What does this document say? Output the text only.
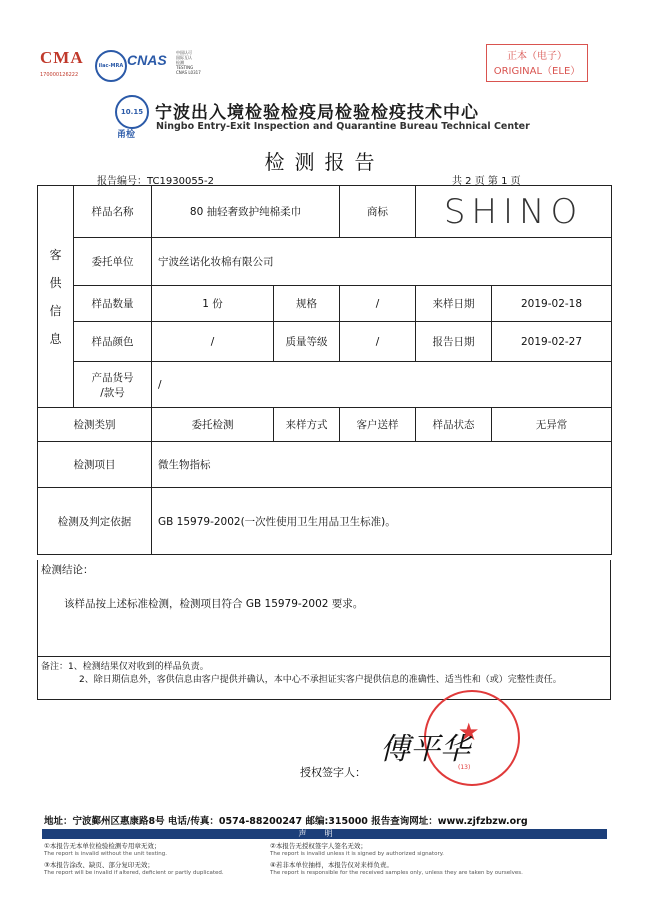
CMA
170000126222
ilac-MRA CNAS 中国认可
国际互认
检测
TESTING
CNAS L0317
正本（电子）
ORIGINAL（ELE）
10.15
甬检
宁波出入境检验检疫局检验检疫技术中心
Ningbo Entry-Exit Inspection and Quarantine Bureau Technical Center
检测报告
报告编号：TC1930055-2	共 2 页 第 1 页
客
供
信
息	样品名称	80 抽轻奢致护纯棉柔巾		商标	SHINO	
	委托单位	宁波丝诺化妆棉有限公司				
	样品数量	1 份	规格	/	来样日期	2019-02-18
	样品颜色	/	质量等级	/	报告日期	2019-02-27

	产品货号
/款号	/				
检测类别		委托检测	来样方式	客户送样	样品状态	无异常
检测项目		微生物指标				
检测及判定依据		GB 15979-2002(一次性使用卫生用品卫生标准)。				
检测结论：
该样品按上述标准检测，检测项目符合 GB 15979-2002 要求。
备注：1、检测结果仅对收到的样品负责。
2、除日期信息外，客供信息由客户提供并确认，本中心不承担证实客户提供信息的准确性、适当性和（或）完整性责任。
★
(13)
傅平华
授权签字人：
地址：宁波鄞州区惠康路8号 电话/传真：0574-88200247 邮编:315000 报告查询网址：www.zjfzbzw.org
声明
①本报告无本单位检验检测专用章无效；
The report is invalid without the unit testing.
②本报告无授权签字人签名无效；
The report is invalid unless it is signed by authorized signatory.
③本报告涂改、缺页、部分复印无效；
The report will be invalid if altered, deficient or partly duplicated.
④若非本单位抽样，本报告仅对来样负责。
The report is responsible for the received samples only, unless they are taken by ourselves.
